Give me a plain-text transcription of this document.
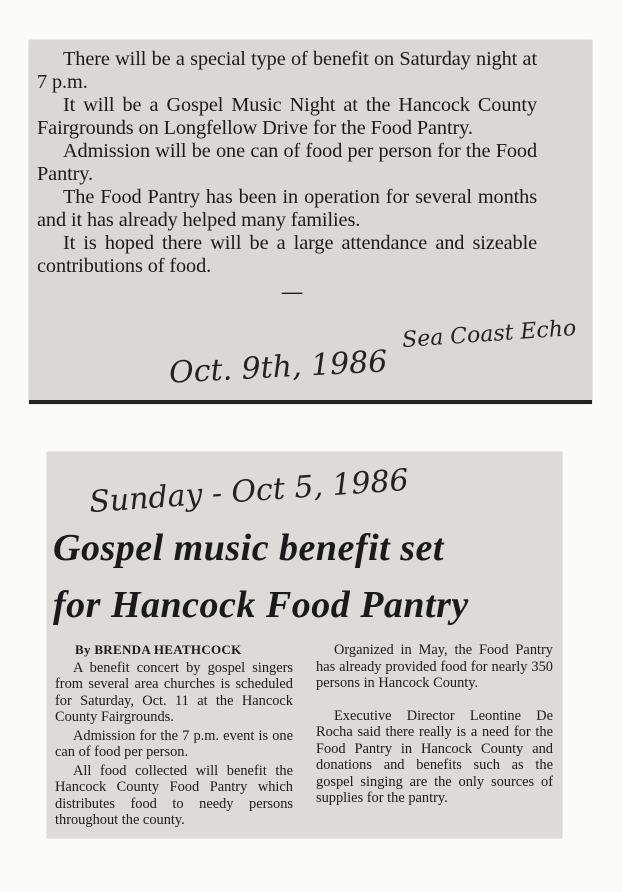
There will be a special type of benefit on Saturday night at 7 p.m.

It will be a Gospel Music Night at the Hancock County Fairgrounds on Longfellow Drive for the Food Pantry.

Admission will be one can of food per person for the Food Pantry.

The Food Pantry has been in operation for several months and it has already helped many families.

It is hoped there will be a large attendance and sizeable contributions of food.

—

Sea Coast Echo
Oct. 9th, 1986
Sunday - Oct 5, 1986
Gospel music benefit set
for Hancock Food Pantry

By BRENDA HEATHCOCK

A benefit concert by gospel singers from several area churches is scheduled for Saturday, Oct. 11 at the Hancock County Fairgrounds.

Admission for the 7 p.m. event is one can of food per person.

All food collected will benefit the Hancock County Food Pantry which distributes food to needy persons throughout the county.

Organized in May, the Food Pantry has already provided food for nearly 350 persons in Hancock County.

Executive Director Leontine De Rocha said there really is a need for the Food Pantry in Hancock County and donations and benefits such as the gospel singing are the only sources of supplies for the pantry.
